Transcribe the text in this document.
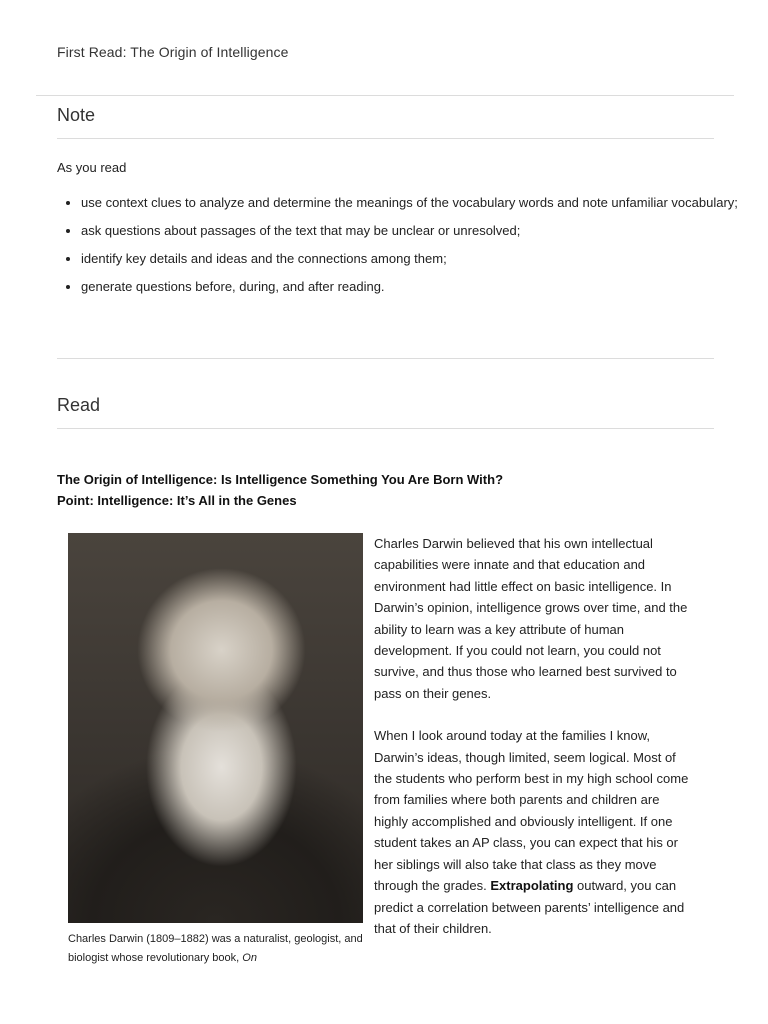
First Read: The Origin of Intelligence
Note
As you read
• use context clues to analyze and determine the meanings of the vocabulary words and note unfamiliar vocabulary;
• ask questions about passages of the text that may be unclear or unresolved;
• identify key details and ideas and the connections among them;
• generate questions before, during, and after reading.
Read
The Origin of Intelligence: Is Intelligence Something You Are Born With?
Point: Intelligence: It’s All in the Genes
Charles Darwin (1809–1882) was a naturalist, geologist, and biologist whose revolutionary book, On

Charles Darwin believed that his own intellectual capabilities were innate and that education and environment had little effect on basic intelligence. In Darwin’s opinion, intelligence grows over time, and the ability to learn was a key attribute of human development. If you could not learn, you could not survive, and thus those who learned best survived to pass on their genes.

When I look around today at the families I know, Darwin’s ideas, though limited, seem logical. Most of the students who perform best in my high school come from families where both parents and children are highly accomplished and obviously intelligent. If one student takes an AP class, you can expect that his or her siblings will also take that class as they move through the grades. Extrapolating outward, you can predict a correlation between parents’ intelligence and that of their children.
